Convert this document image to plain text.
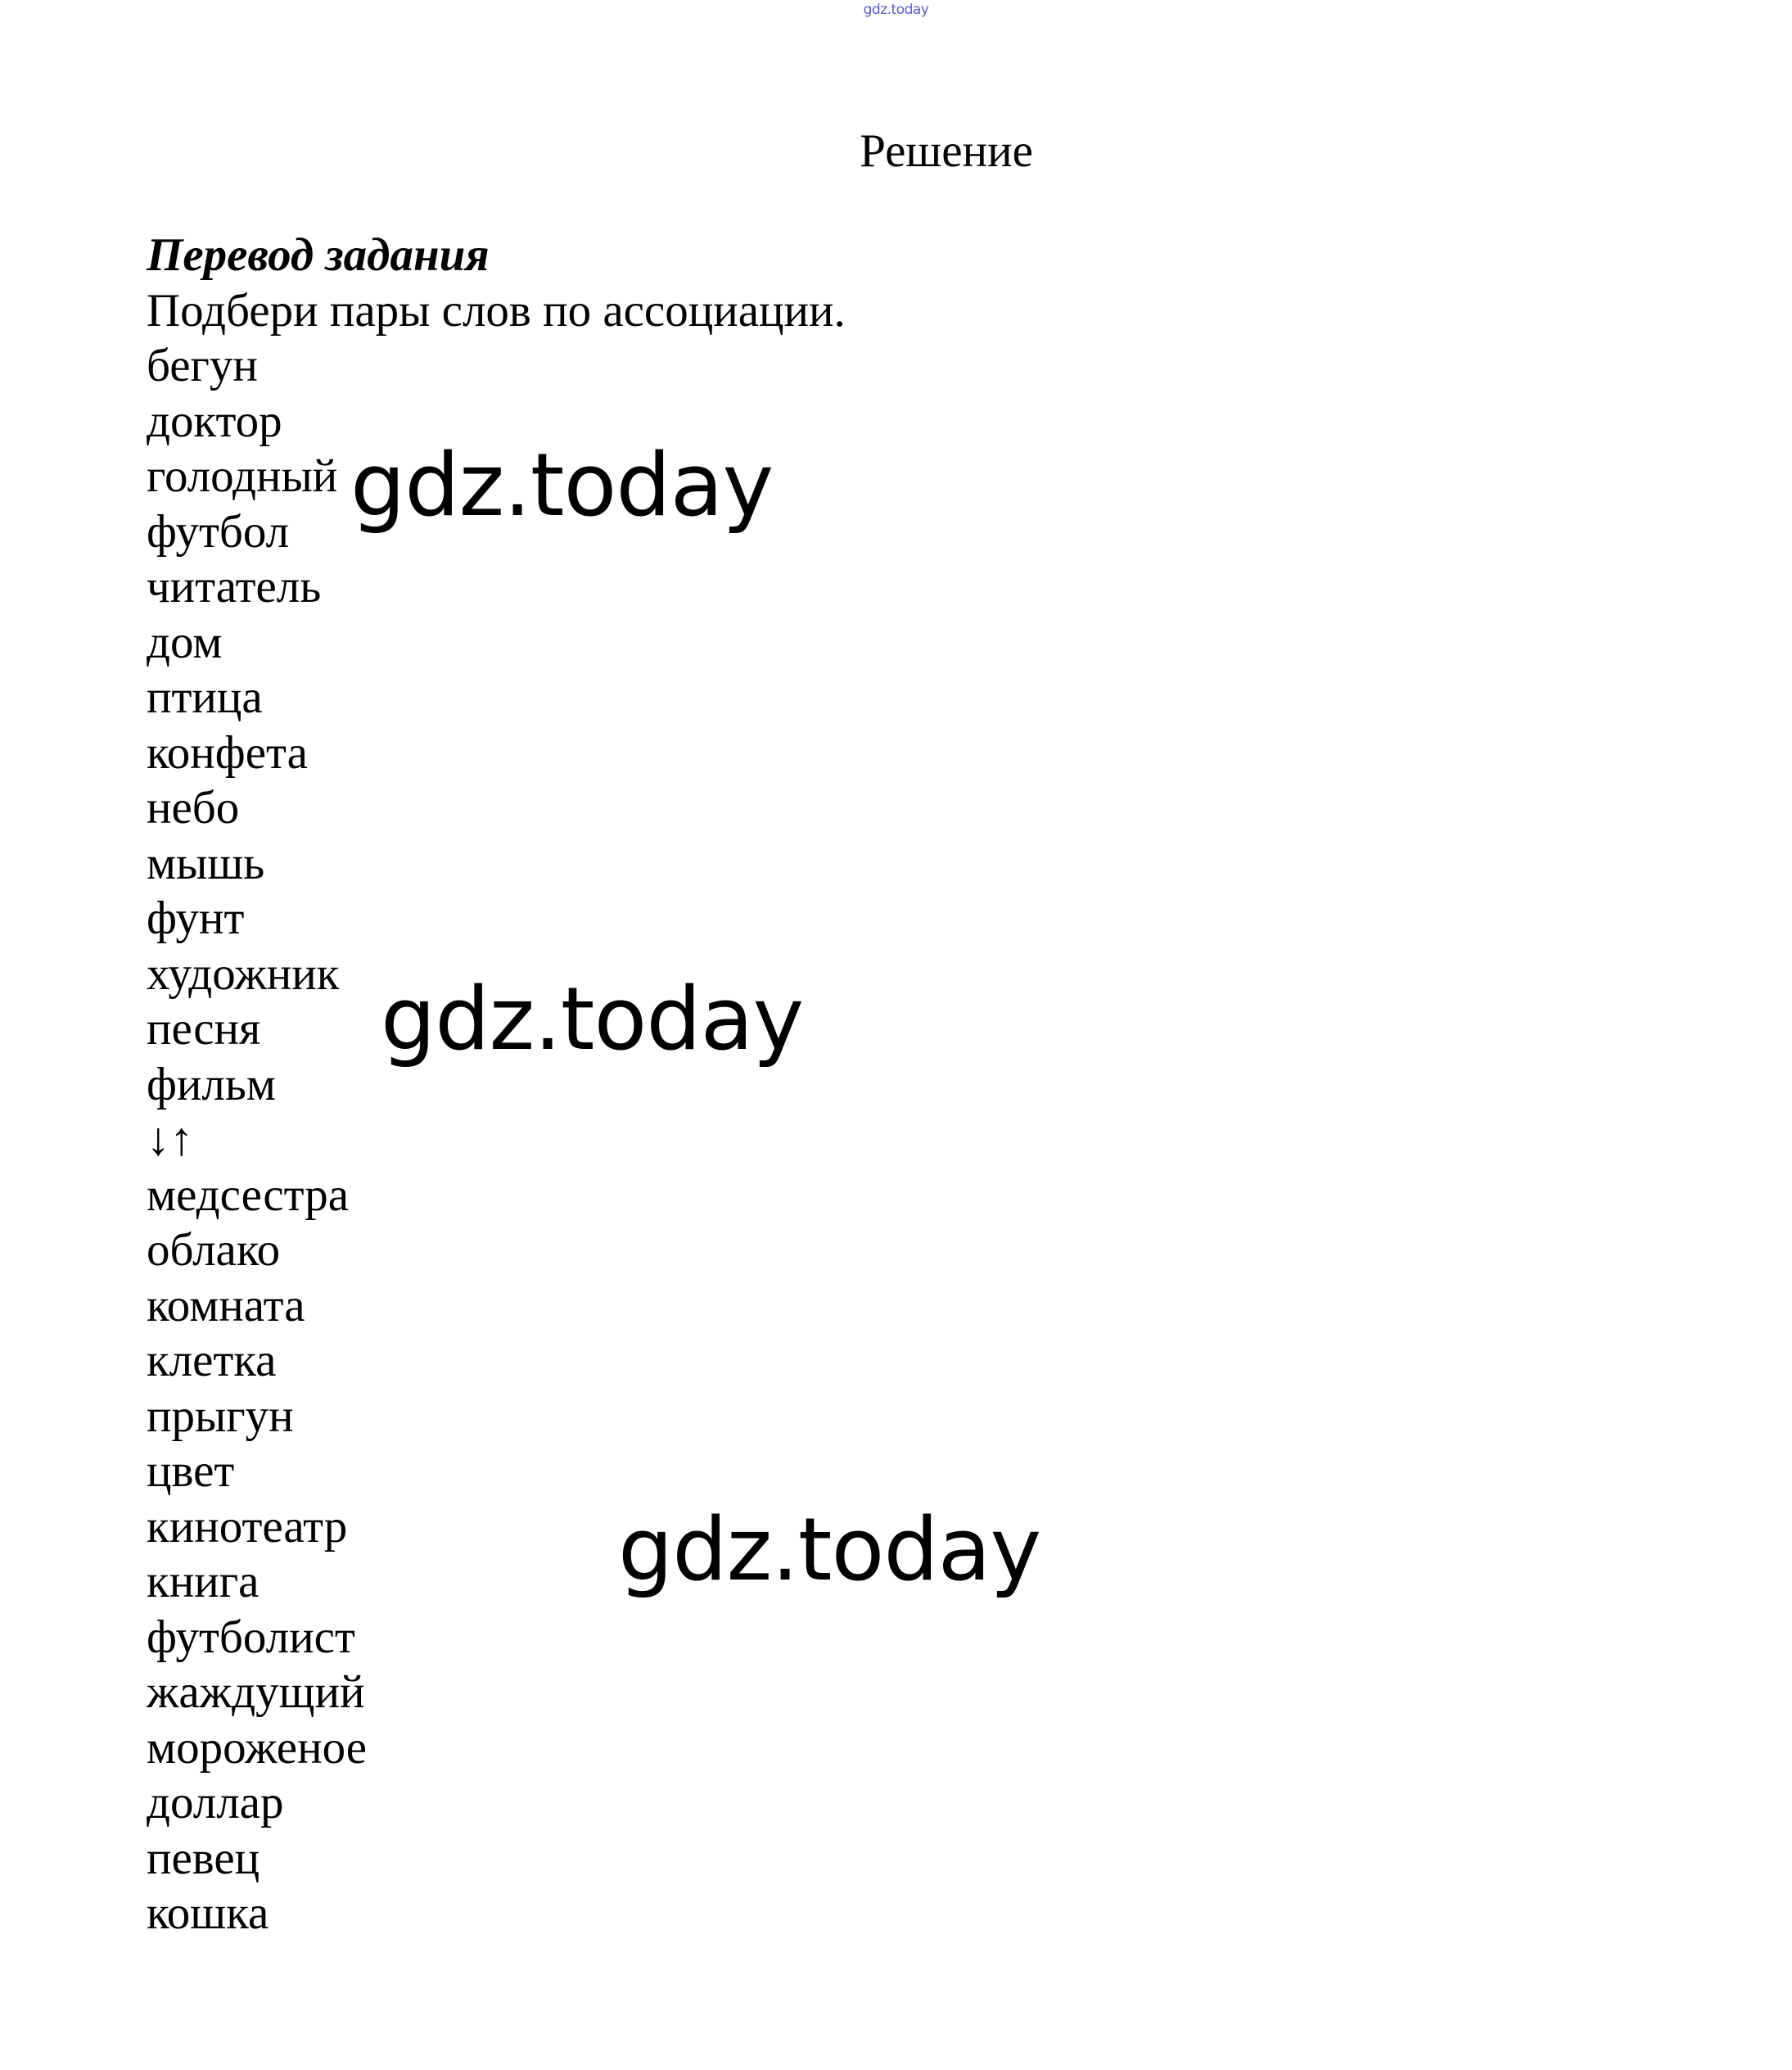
gdz.today
Решение
Перевод задания
Подбери пары слов по ассоциации.
бегун
доктор
голодный
футбол
читатель
дом
птица
конфета
небо
мышь
фунт
художник
песня
фильм
↓↑
медсестра
облако
комната
клетка
прыгун
цвет
кинотеатр
книга
футболист
жаждущий
мороженое
доллар
певец
кошка
gdz.today
gdz.today
gdz.today
